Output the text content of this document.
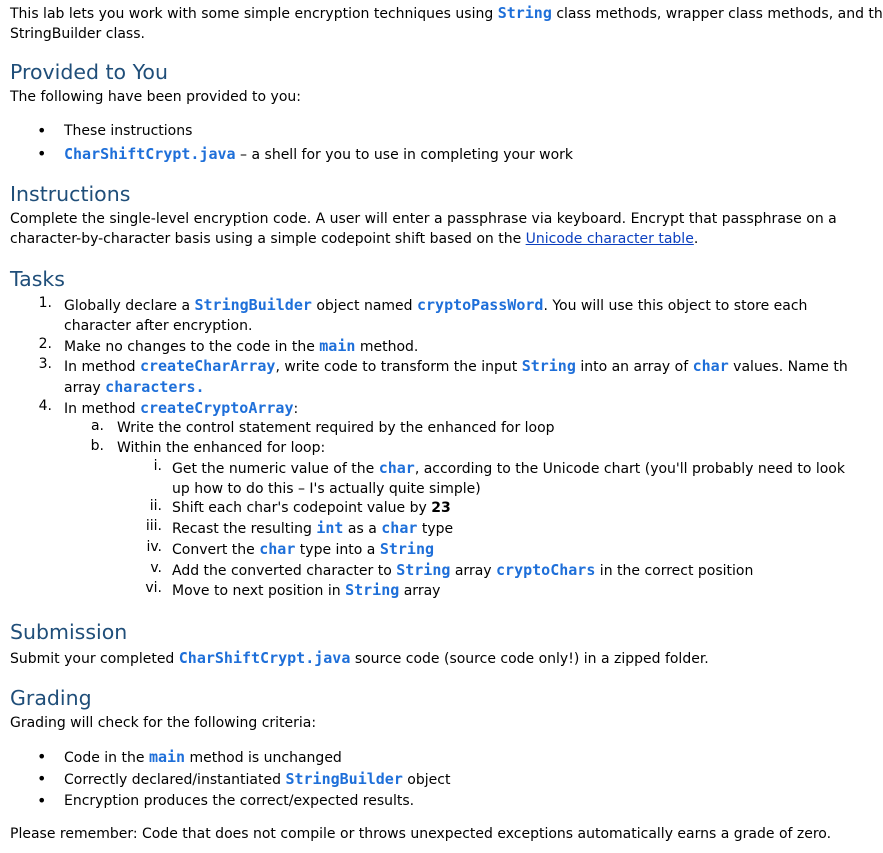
This lab lets you work with some simple encryption techniques using String class methods, wrapper class methods, and th
StringBuilder class.

Provided to You

The following have been provided to you:

• These instructions

• CharShiftCrypt.java – a shell for you to use in completing your work

Instructions

Complete the single-level encryption code. A user will enter a passphrase via keyboard. Encrypt that passphrase on a
character-by-character basis using a simple codepoint shift based on the Unicode character table.

Tasks
1. Globally declare a StringBuilder object named cryptoPassWord. You will use this object to store each
character after encryption.

2. Make no changes to the code in the main method.

3. In method createCharArray, write code to transform the input String into an array of char values. Name th
array characters.

4. In method createCryptoArray:

a. Write the control statement required by the enhanced for loop

b. Within the enhanced for loop:

i. Get the numeric value of the char, according to the Unicode chart (you'll probably need to look
up how to do this – I's actually quite simple)

ii. Shift each char's codepoint value by 23

iii. Recast the resulting int as a char type

iv. Convert the char type into a String

v. Add the converted character to String array cryptoChars in the correct position

vi. Move to next position in String array

Submission

Submit your completed CharShiftCrypt.java source code (source code only!) in a zipped folder.

Grading

Grading will check for the following criteria:

• Code in the main method is unchanged

• Correctly declared/instantiated StringBuilder object

• Encryption produces the correct/expected results.

Please remember: Code that does not compile or throws unexpected exceptions automatically earns a grade of zero.
